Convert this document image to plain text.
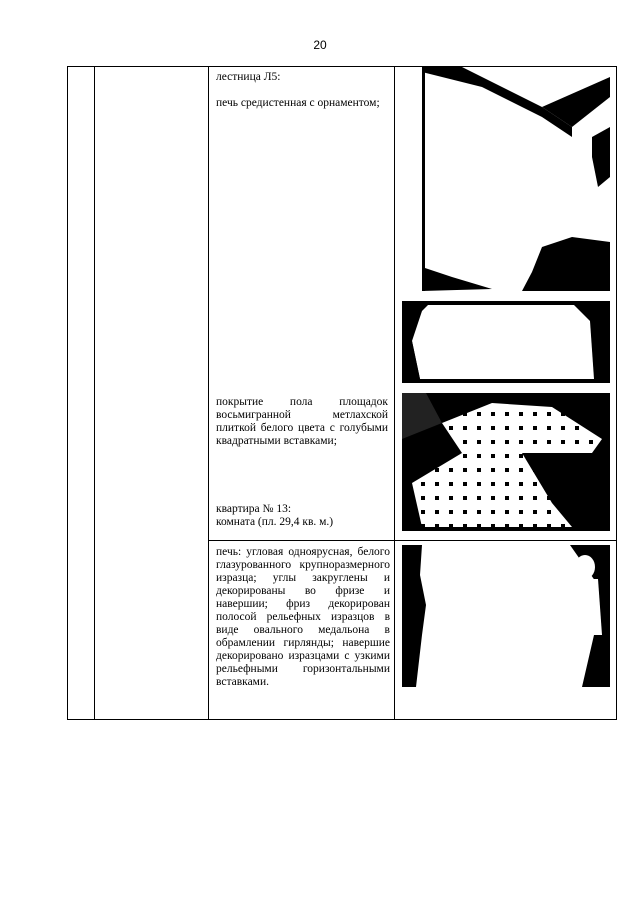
20
лестница Л5:
печь средистенная с орнаментом;
покрытие пола площадок восьмигранной метлахской плиткой белого цвета с голубыми квадратными вставками;
квартира № 13:
комната (пл. 29,4 кв. м.)
печь: угловая одноярусная, белого глазурованного крупноразмерного изразца; углы закруглены и декорированы во фризе и навершии; фриз декорирован полосой рельефных изразцов в виде овального медальона в обрамлении гирлянды; навершие декорировано изразцами с узкими рельефными горизонтальными вставками.
